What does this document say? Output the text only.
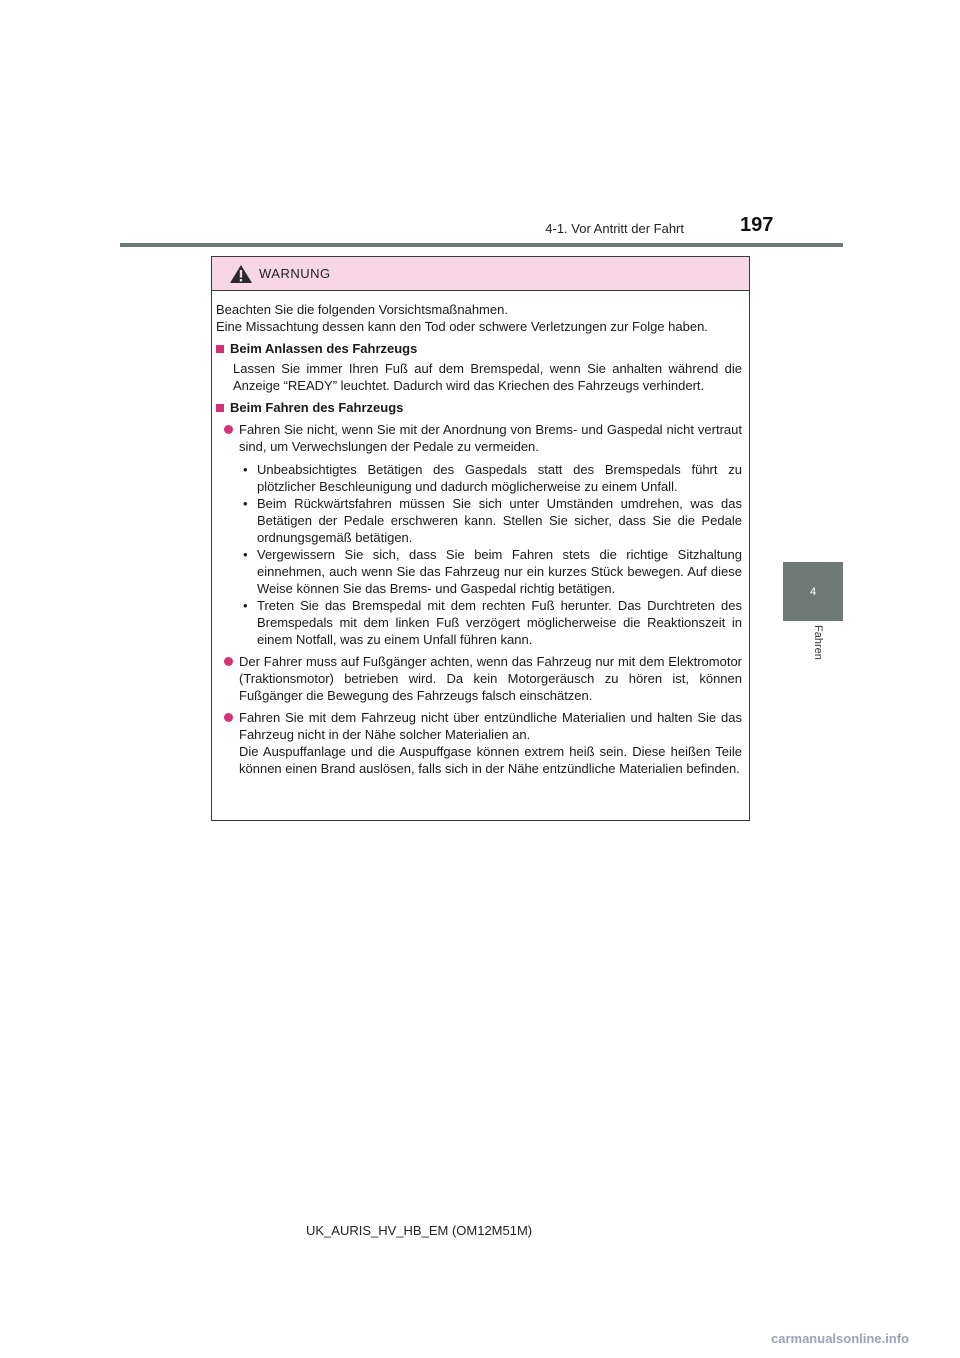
4-1. Vor Antritt der Fahrt	197
4
Fahren
WARNUNG

Beachten Sie die folgenden Vorsichtsmaßnahmen.

Eine Missachtung dessen kann den Tod oder schwere Verletzungen zur Folge haben.

Beim Anlassen des Fahrzeugs
Lassen Sie immer Ihren Fuß auf dem Bremspedal, wenn Sie anhalten während die Anzeige “READY” leuchtet. Dadurch wird das Kriechen des Fahrzeugs verhindert.
Beim Fahren des Fahrzeugs

Fahren Sie nicht, wenn Sie mit der Anordnung von Brems- und Gaspedal nicht vertraut sind, um Verwechslungen der Pedale zu vermeiden.

• Unbeabsichtigtes Betätigen des Gaspedals statt des Bremspedals führt zu plötzlicher Beschleunigung und dadurch möglicherweise zu einem Unfall.
• Beim Rückwärtsfahren müssen Sie sich unter Umständen umdrehen, was das Betätigen der Pedale erschweren kann. Stellen Sie sicher, dass Sie die Pedale ordnungsgemäß betätigen.
• Vergewissern Sie sich, dass Sie beim Fahren stets die richtige Sitzhaltung einnehmen, auch wenn Sie das Fahrzeug nur ein kurzes Stück bewegen. Auf diese Weise können Sie das Brems- und Gaspedal richtig betätigen.
• Treten Sie das Bremspedal mit dem rechten Fuß herunter. Das Durchtreten des Bremspedals mit dem linken Fuß verzögert möglicherweise die Reaktionszeit in einem Notfall, was zu einem Unfall führen kann.

Der Fahrer muss auf Fußgänger achten, wenn das Fahrzeug nur mit dem Elektromotor (Traktionsmotor) betrieben wird. Da kein Motorgeräusch zu hören ist, können Fußgänger die Bewegung des Fahrzeugs falsch einschätzen.

Fahren Sie mit dem Fahrzeug nicht über entzündliche Materialien und halten Sie das Fahrzeug nicht in der Nähe solcher Materialien an.

Die Auspuffanlage und die Auspuffgase können extrem heiß sein. Diese heißen Teile können einen Brand auslösen, falls sich in der Nähe entzündliche Materialien befinden.

UK_AURIS_HV_HB_EM (OM12M51M)
carmanualsonline.info
